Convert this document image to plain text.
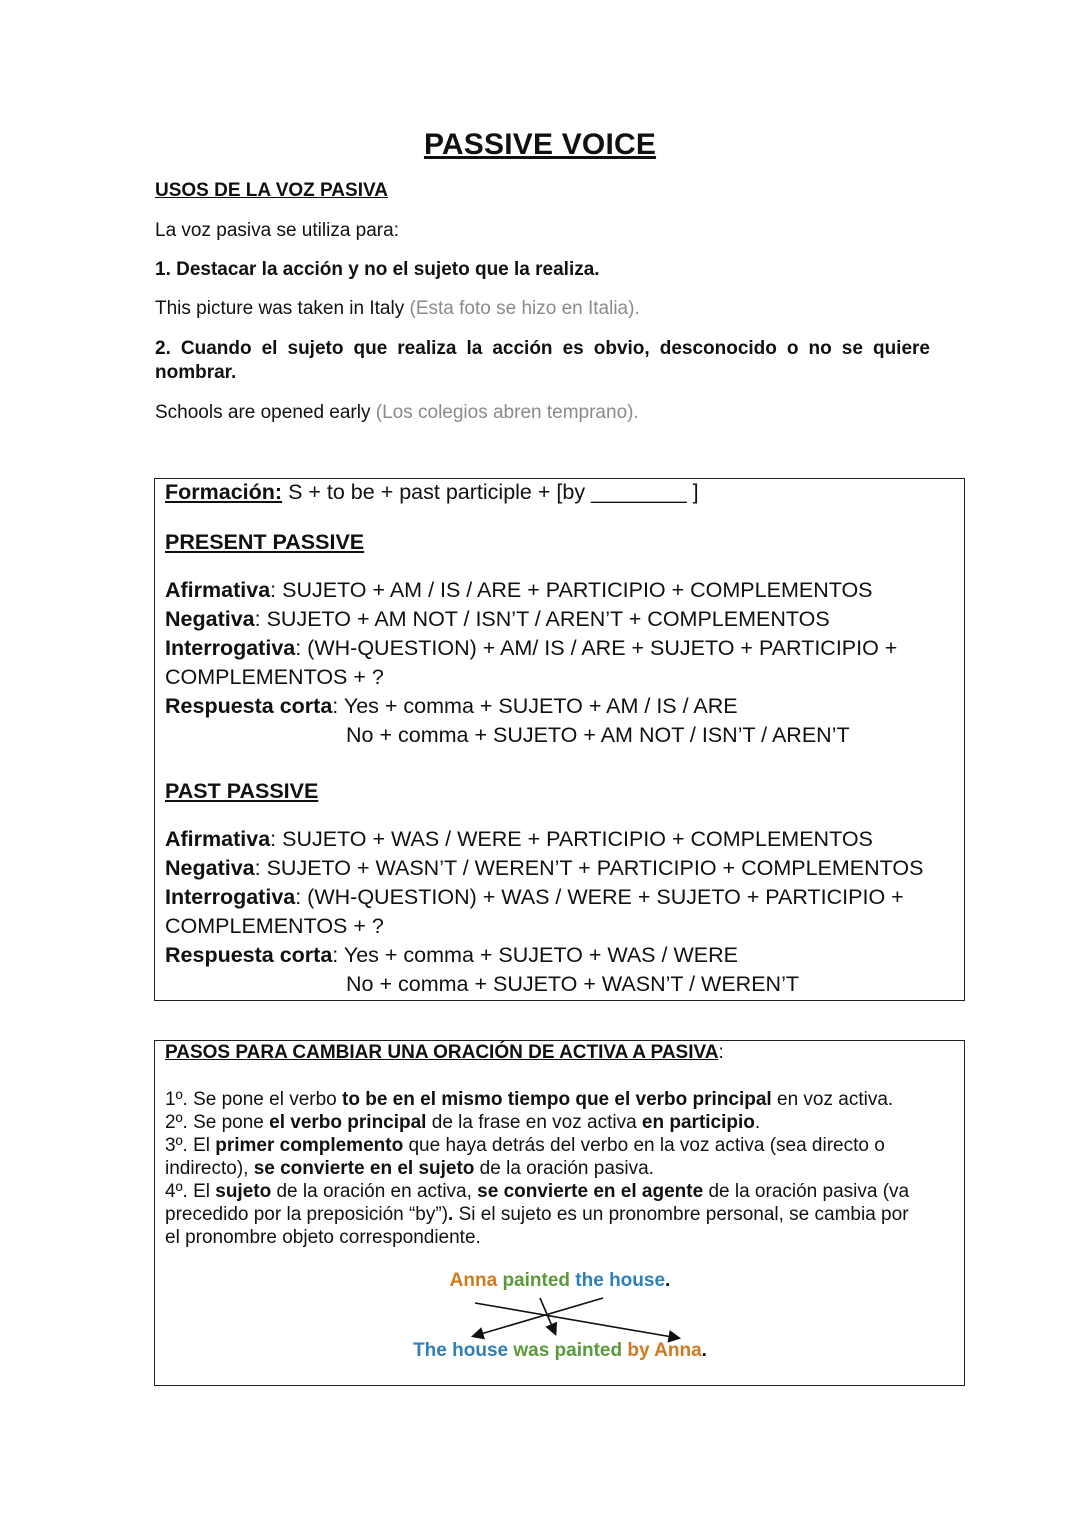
PASSIVE VOICE
USOS DE LA VOZ PASIVA
La voz pasiva se utiliza para:
1. Destacar la acción y no el sujeto que la realiza.
This picture was taken in Italy (Esta foto se hizo en Italia).
2. Cuando el sujeto que realiza la acción es obvio, desconocido o no se quiere nombrar.
Schools are opened early (Los colegios abren temprano).
Formación: S + to be + past participle + [by ________ ]
PRESENT PASSIVE
Afirmativa: SUJETO + AM / IS / ARE + PARTICIPIO + COMPLEMENTOS
Negativa: SUJETO + AM NOT / ISN’T / AREN’T + COMPLEMENTOS
Interrogativa: (WH-QUESTION) + AM/ IS / ARE + SUJETO + PARTICIPIO +
COMPLEMENTOS + ?
Respuesta corta: Yes + comma + SUJETO + AM / IS / ARE
No + comma + SUJETO + AM NOT / ISN’T / AREN’T
PAST PASSIVE
Afirmativa: SUJETO + WAS / WERE + PARTICIPIO + COMPLEMENTOS
Negativa: SUJETO + WASN’T / WEREN’T + PARTICIPIO + COMPLEMENTOS
Interrogativa: (WH-QUESTION) + WAS / WERE + SUJETO + PARTICIPIO +
COMPLEMENTOS + ?
Respuesta corta: Yes + comma + SUJETO + WAS / WERE
No + comma + SUJETO + WASN’T / WEREN’T
PASOS PARA CAMBIAR UNA ORACIÓN DE ACTIVA A PASIVA:
1º. Se pone el verbo to be en el mismo tiempo que el verbo principal en voz activa.
2º. Se pone el verbo principal de la frase en voz activa en participio.
3º. El primer complemento que haya detrás del verbo en la voz activa (sea directo o
indirecto), se convierte en el sujeto de la oración pasiva.
4º. El sujeto de la oración en activa, se convierte en el agente de la oración pasiva (va
precedido por la preposición “by”). Si el sujeto es un pronombre personal, se cambia por
el pronombre objeto correspondiente.
Anna painted the house.
The house was painted by Anna.
